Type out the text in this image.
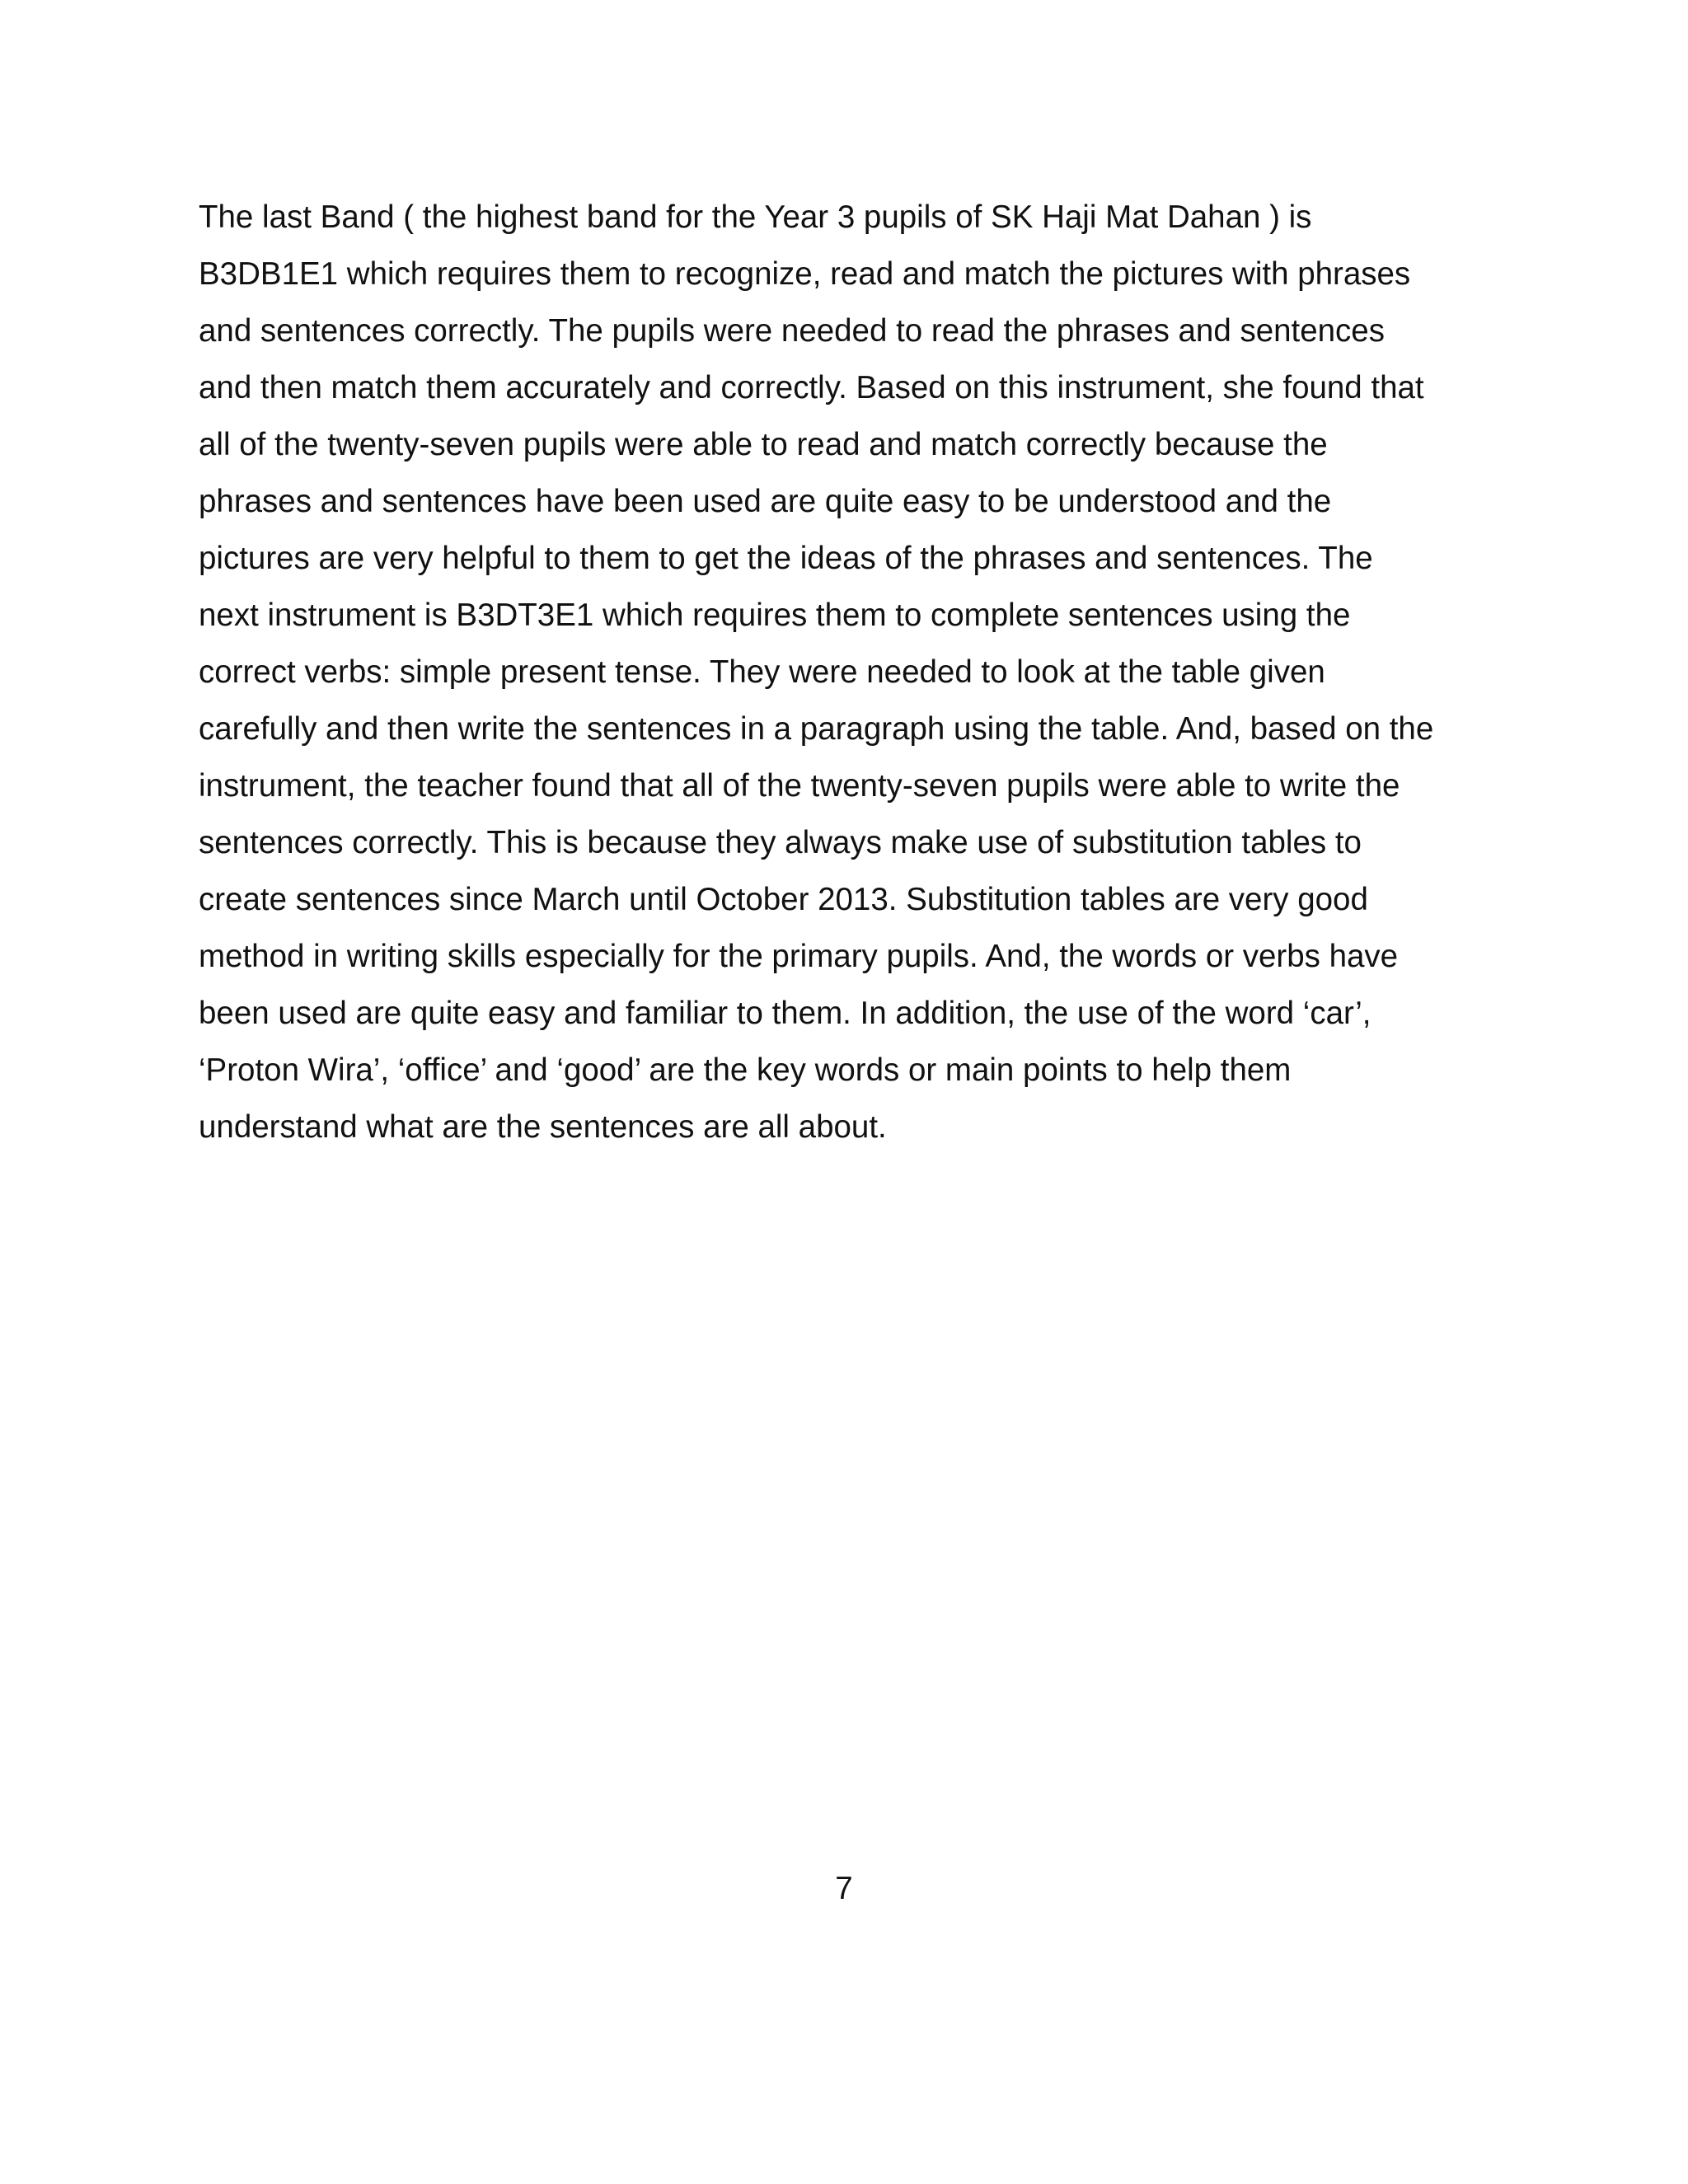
The last Band ( the highest band for the Year 3 pupils of SK Haji Mat Dahan ) is
B3DB1E1 which requires them to recognize, read and match the pictures with phrases
and sentences correctly. The pupils were needed to read the phrases and sentences
and then match them accurately and correctly. Based on this instrument, she found that
all of the twenty-seven pupils were able to read and match correctly because the
phrases and sentences have been used are quite easy to be understood and the
pictures are very helpful to them to get the ideas of the phrases and sentences. The
next instrument is B3DT3E1 which requires them to complete sentences using the
correct verbs: simple present tense. They were needed to look at the table given
carefully and then write the sentences in a paragraph using the table. And, based on the
instrument, the teacher found that all of the twenty-seven pupils were able to write the
sentences correctly. This is because they always make use of substitution tables to
create sentences since March until October 2013. Substitution tables are very good
method in writing skills especially for the primary pupils. And, the words or verbs have
been used are quite easy and familiar to them. In addition, the use of the word ‘car’,
‘Proton Wira’, ‘office’ and ‘good’ are the key words or main points to help them
understand what are the sentences are all about.
7
